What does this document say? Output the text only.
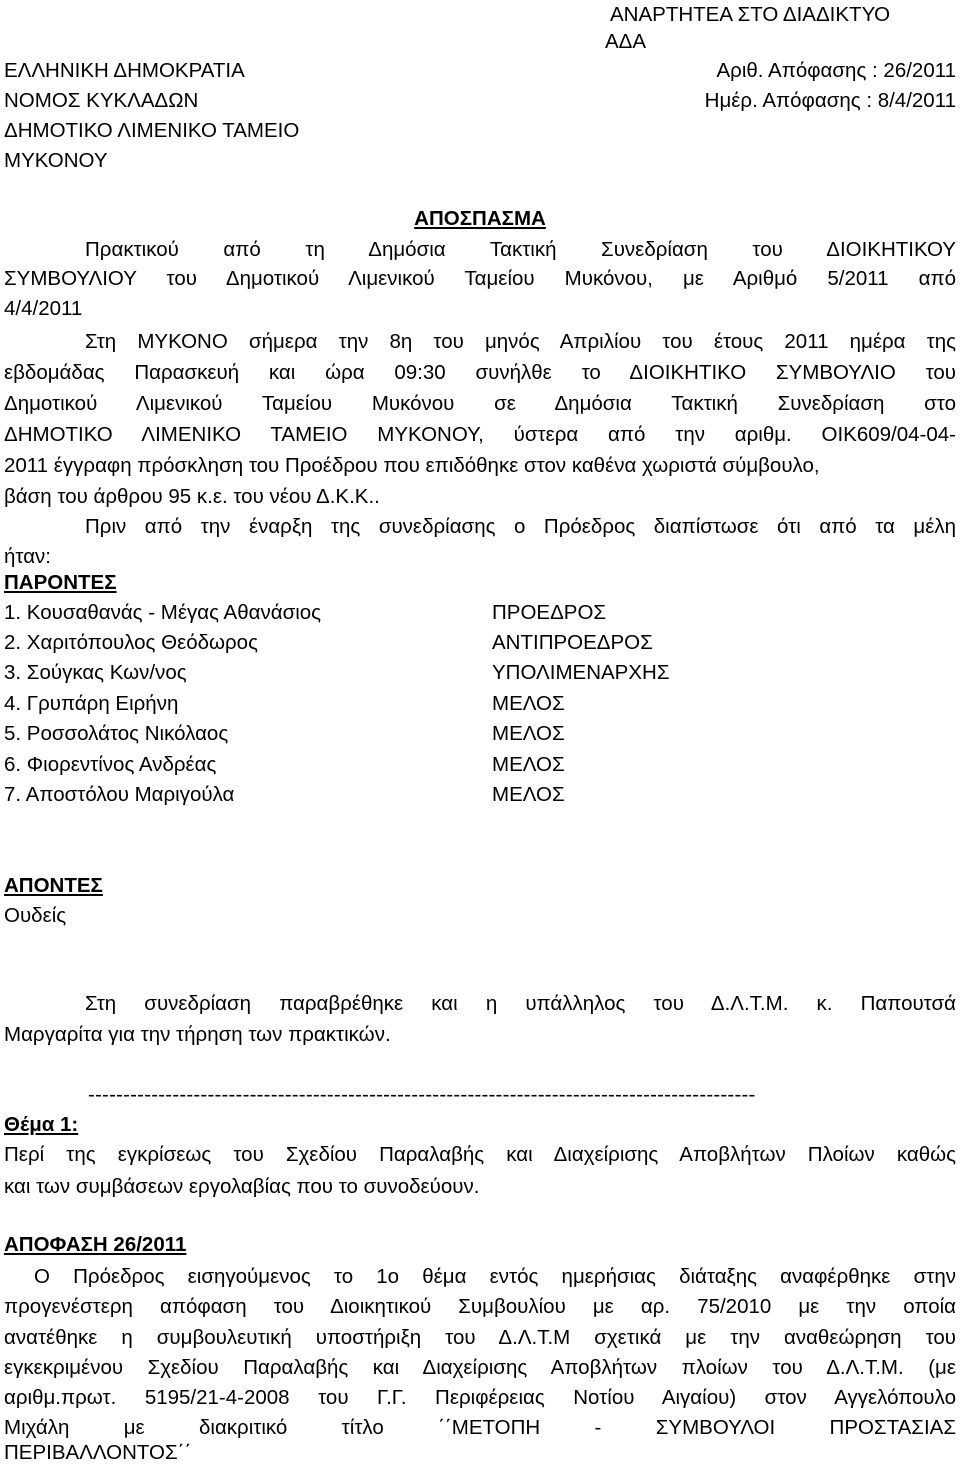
ΑΝΑΡΤΗΤΕΑ ΣΤΟ ΔΙΑΔΙΚΤΥΟ
ΑΔΑ
ΕΛΛΗΝΙΚΗ ΔΗΜΟΚΡΑΤΙΑ	Αριθ. Απόφασης : 26/2011
ΝΟΜΟΣ ΚΥΚΛΑΔΩΝ	Ημέρ. Απόφασης : 8/4/2011
ΔΗΜΟΤΙΚΟ ΛΙΜΕΝΙΚΟ ΤΑΜΕΙΟ
ΜΥΚΟΝΟΥ
ΑΠΟΣΠΑΣΜΑ
Πρακτικού από τη Δημόσια Τακτική Συνεδρίαση του ΔΙΟΙΚΗΤΙΚΟΥ
ΣΥΜΒΟΥΛΙΟΥ του Δημοτικού Λιμενικού Ταμείου Μυκόνου, με Αριθμό 5/2011 από
4/4/2011
Στη ΜΥΚΟΝΟ σήμερα την 8η του μηνός Απριλίου του έτους 2011 ημέρα της
εβδομάδας Παρασκευή και ώρα 09:30 συνήλθε το ΔΙΟΙΚΗΤΙΚΟ ΣΥΜΒΟΥΛΙΟ του
Δημοτικού Λιμενικού Ταμείου Μυκόνου σε Δημόσια Τακτική Συνεδρίαση στο
ΔΗΜΟΤΙΚΟ ΛΙΜΕΝΙΚΟ ΤΑΜΕΙΟ ΜΥΚΟΝΟΥ, ύστερα από την αριθμ. ΟΙΚ609/04-04-
2011 έγγραφη πρόσκληση του Προέδρου που επιδόθηκε στον καθένα χωριστά σύμβουλο,
βάση του άρθρου 95 κ.ε. του νέου Δ.Κ.Κ..
Πριν από την έναρξη της συνεδρίασης ο Πρόεδρος διαπίστωσε ότι από τα μέλη
ήταν:
ΠΑΡΟΝΤΕΣ
1. Κουσαθανάς - Μέγας Αθανάσιος	ΠΡΟΕΔΡΟΣ
2. Χαριτόπουλος Θεόδωρος	ΑΝΤΙΠΡΟΕΔΡΟΣ
3. Σούγκας Κων/νος	ΥΠΟΛΙΜΕΝΑΡΧΗΣ
4. Γρυπάρη Ειρήνη	ΜΕΛΟΣ
5. Ροσσολάτος Νικόλαος	ΜΕΛΟΣ
6. Φιορεντίνος Ανδρέας	ΜΕΛΟΣ
7. Αποστόλου Μαριγούλα	ΜΕΛΟΣ
ΑΠΟΝΤΕΣ
Ουδείς
Στη συνεδρίαση παραβρέθηκε και η υπάλληλος του Δ.Λ.Τ.Μ. κ. Παπουτσά
Μαργαρίτα για την τήρηση των πρακτικών.
-----------------------------------------------------------------------------------------------
Θέμα 1:
Περί της εγκρίσεως του Σχεδίου Παραλαβής και Διαχείρισης Αποβλήτων Πλοίων καθώς
και των συμβάσεων εργολαβίας που το συνοδεύουν.
ΑΠΟΦΑΣΗ 26/2011
Ο Πρόεδρος εισηγούμενος το 1ο θέμα εντός ημερήσιας διάταξης αναφέρθηκε στην
προγενέστερη απόφαση του Διοικητικού Συμβουλίου με αρ. 75/2010 με την οποία
ανατέθηκε η συμβουλευτική υποστήριξη του Δ.Λ.Τ.Μ σχετικά με την αναθεώρηση του
εγκεκριμένου Σχεδίου Παραλαβής και Διαχείρισης Αποβλήτων πλοίων του Δ.Λ.Τ.Μ. (με
αριθμ.πρωτ. 5195/21-4-2008 του Γ.Γ. Περιφέρειας Νοτίου Αιγαίου) στον Αγγελόπουλο
Μιχάλη με διακριτικό τίτλο ΄΄ΜΕΤΟΠΗ - ΣΥΜΒΟΥΛΟΙ ΠΡΟΣΤΑΣΙΑΣ
ΠΕΡΙΒΑΛΛΟΝΤΟΣ΄΄
